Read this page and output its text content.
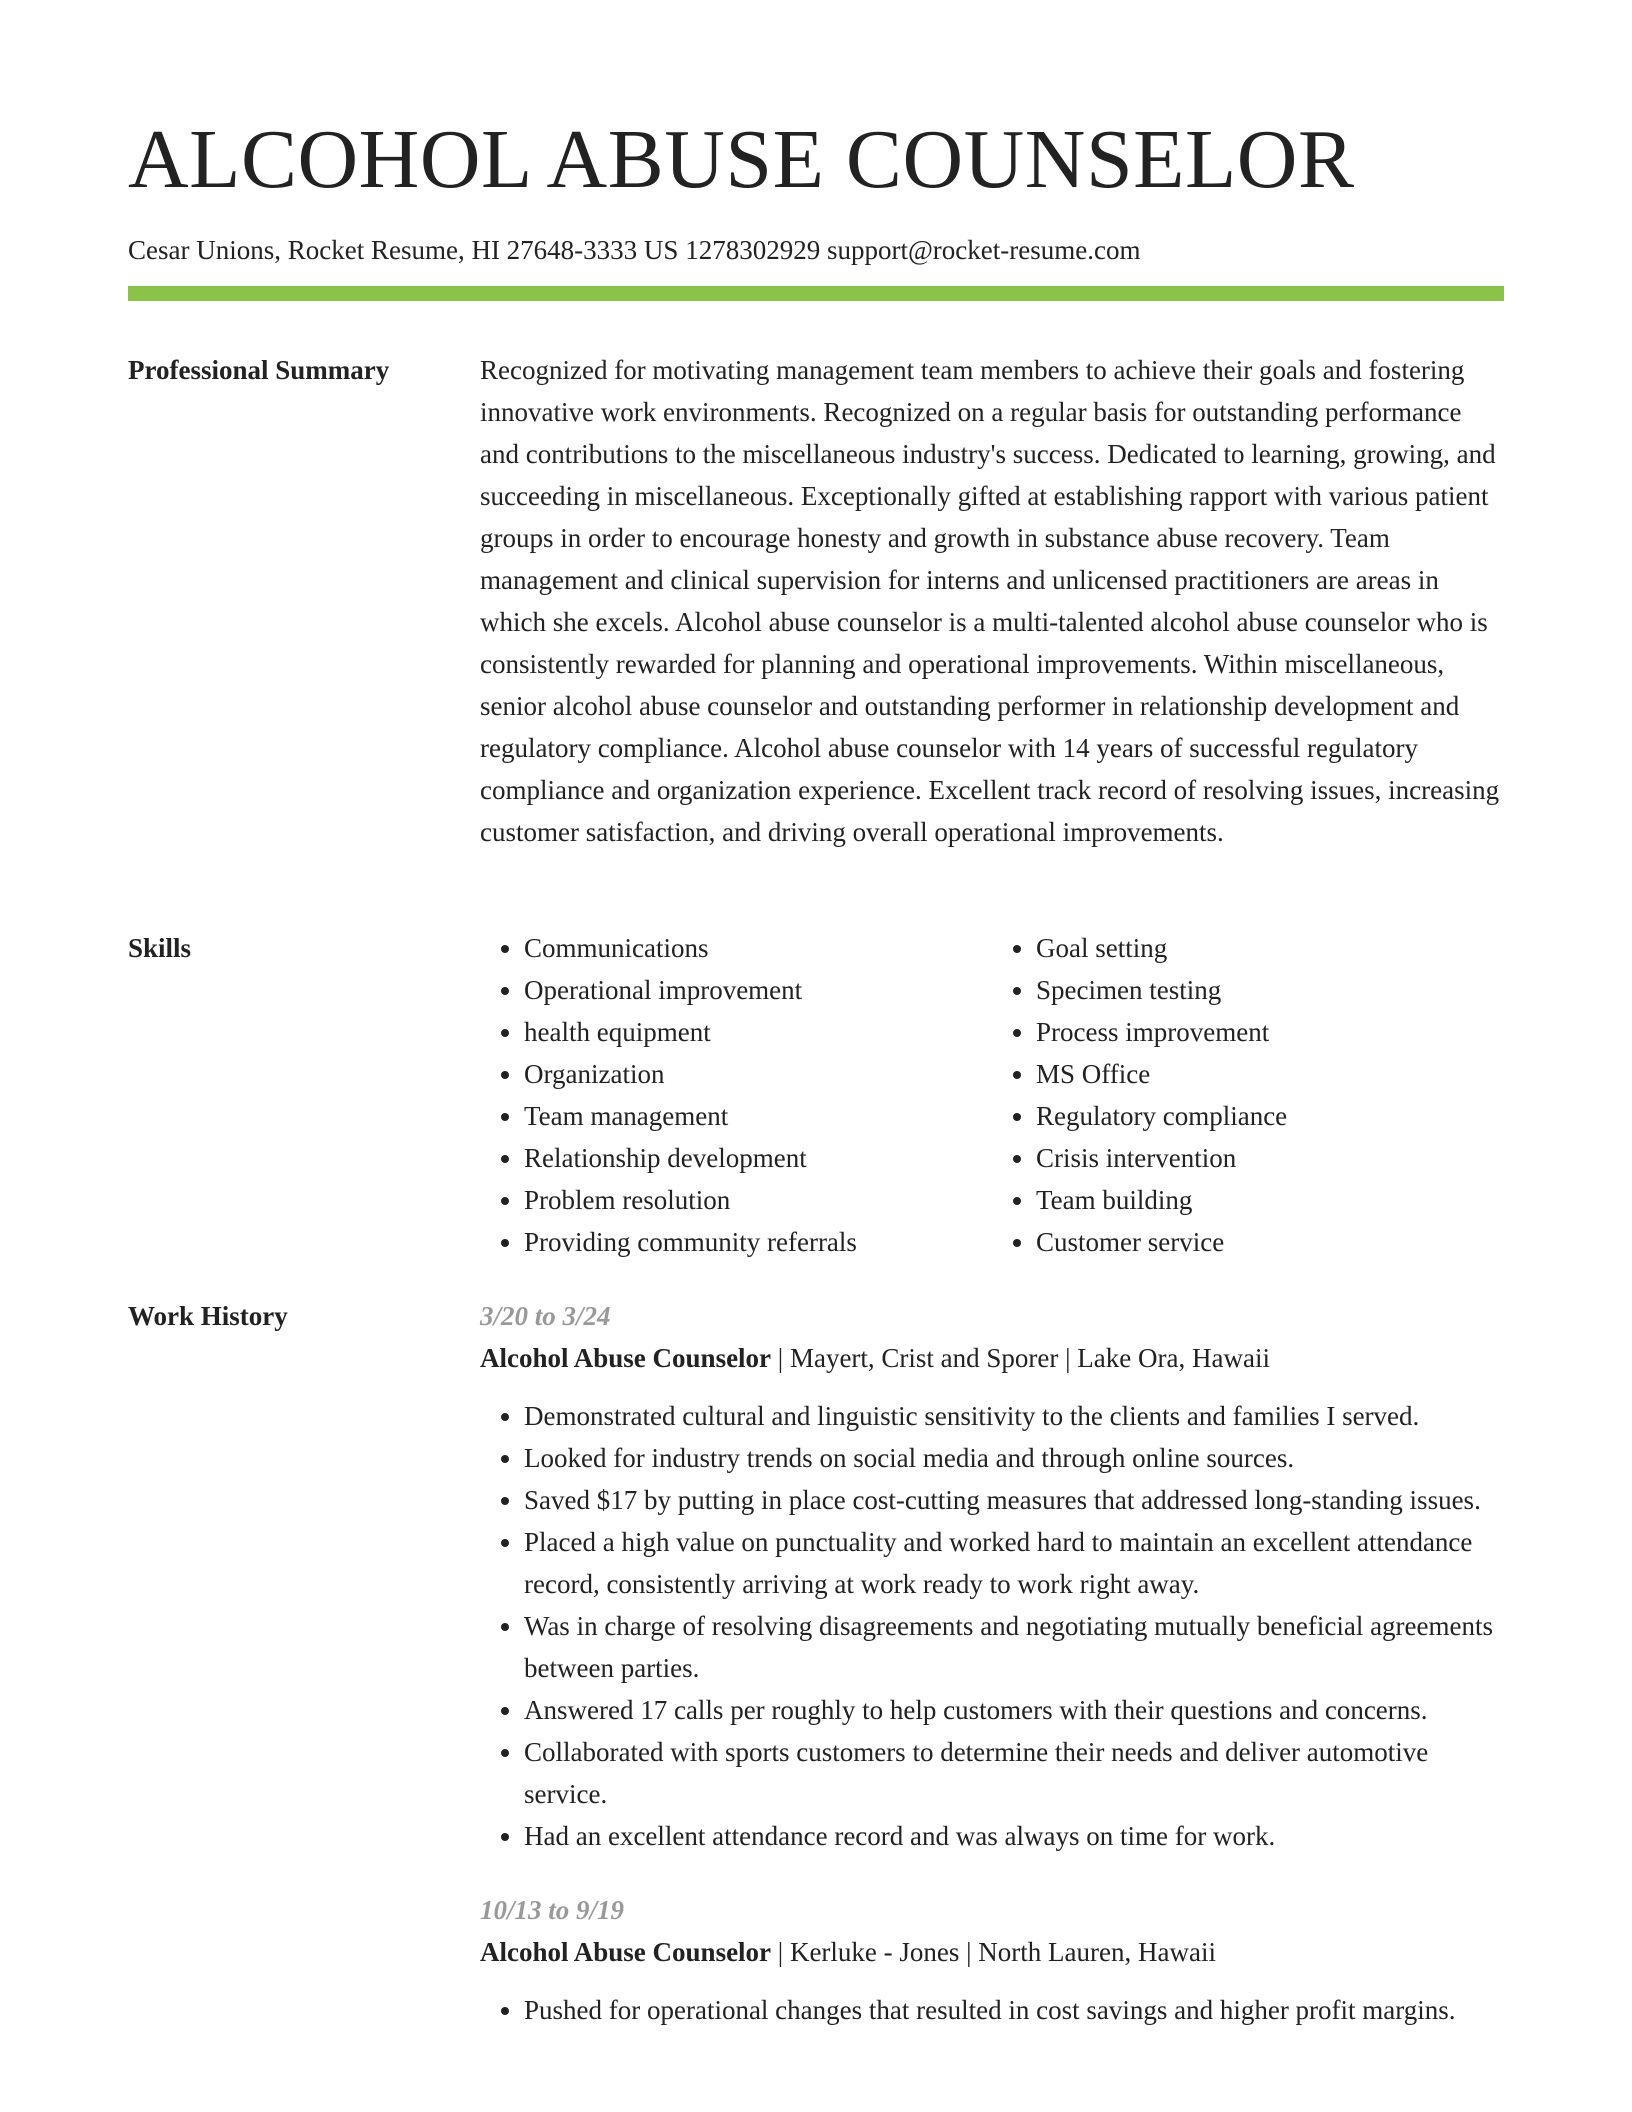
ALCOHOL ABUSE COUNSELOR
Cesar Unions, Rocket Resume, HI 27648-3333 US 1278302929 support@rocket-resume.com
Professional Summary	Recognized for motivating management team members to achieve their goals and fostering innovative work environments. Recognized on a regular basis for outstanding performance and contributions to the miscellaneous industry's success. Dedicated to learning, growing, and succeeding in miscellaneous. Exceptionally gifted at establishing rapport with various patient groups in order to encourage honesty and growth in substance abuse recovery. Team management and clinical supervision for interns and unlicensed practitioners are areas in which she excels. Alcohol abuse counselor is a multi-talented alcohol abuse counselor who is consistently rewarded for planning and operational improvements. Within miscellaneous, senior alcohol abuse counselor and outstanding performer in relationship development and regulatory compliance. Alcohol abuse counselor with 14 years of successful regulatory compliance and organization experience. Excellent track record of resolving issues, increasing customer satisfaction, and driving overall operational improvements.

Skills
•	Communications
• Operational improvement
• health equipment
• Organization
• Team management
• Relationship development
• Problem resolution
• Providing community referrals
• Goal setting
• Specimen testing
• Process improvement
• MS Office
• Regulatory compliance
• Crisis intervention
• Team building
• Customer service
Work History	3/20 to 3/24
Alcohol Abuse Counselor | Mayert, Crist and Sporer | Lake Ora, Hawaii
• Demonstrated cultural and linguistic sensitivity to the clients and families I served.
• Looked for industry trends on social media and through online sources.
• Saved $17 by putting in place cost-cutting measures that addressed long-standing issues.
• Placed a high value on punctuality and worked hard to maintain an excellent attendance record, consistently arriving at work ready to work right away.
• Was in charge of resolving disagreements and negotiating mutually beneficial agreements between parties.
• Answered 17 calls per roughly to help customers with their questions and concerns.
• Collaborated with sports customers to determine their needs and deliver automotive service.
• Had an excellent attendance record and was always on time for work.
10/13 to 9/19
Alcohol Abuse Counselor | Kerluke - Jones | North Lauren, Hawaii
• Pushed for operational changes that resulted in cost savings and higher profit margins.
